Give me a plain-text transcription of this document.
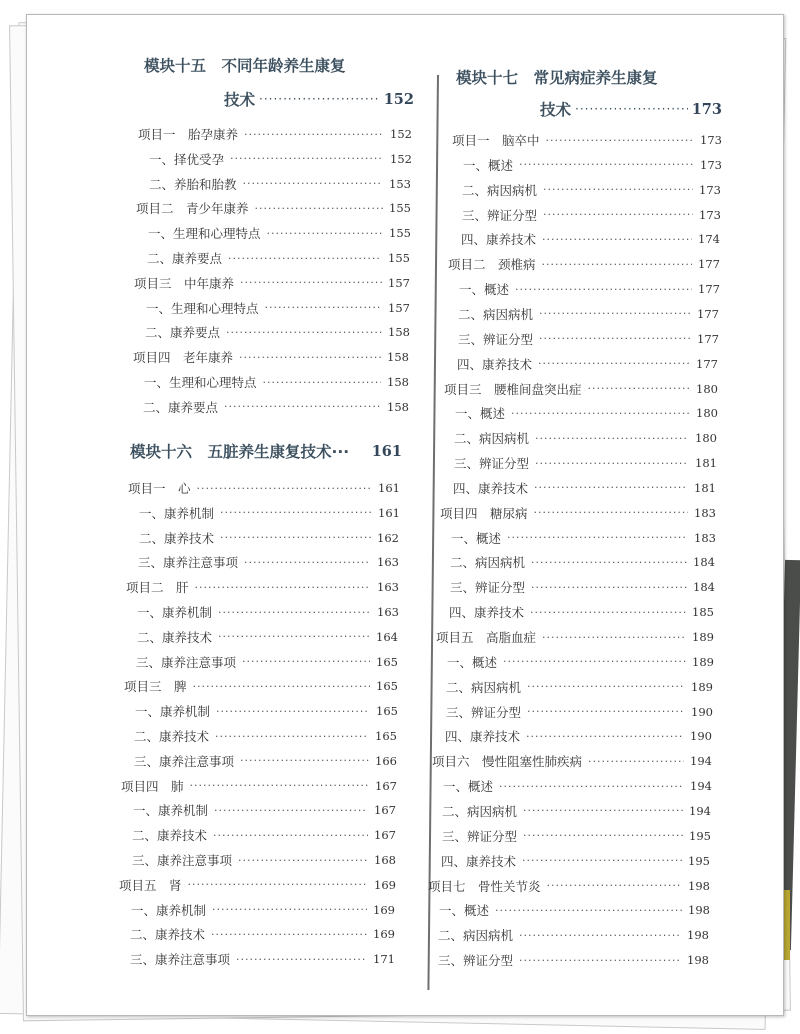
模块十五　不同年龄养生康复
技术 ·····	152
项目一　胎孕康养 ·····	152
一、择优受孕 ·····	152
二、养胎和胎教 ·····	153
项目二　青少年康养 ·····	155
一、生理和心理特点 ·····	155
二、康养要点 ·····	155
项目三　中年康养 ·····	157
一、生理和心理特点 ·····	157
二、康养要点 ·····	158
项目四　老年康养 ·····	158
一、生理和心理特点 ·····	158
二、康养要点 ·····	158
模块十六　五脏养生康复技术··· 161
项目一　心 ·····	161
一、康养机制 ·····	161
二、康养技术 ·····	162
三、康养注意事项 ·····	163
项目二　肝 ·····	163
一、康养机制 ·····	163
二、康养技术 ·····	164
三、康养注意事项 ·····	165
项目三　脾 ·····	165
一、康养机制 ·····	165
二、康养技术 ·····	165
三、康养注意事项 ·····	166
项目四　肺 ·····	167
一、康养机制 ·····	167
二、康养技术 ·····	167
三、康养注意事项 ·····	168
项目五　肾 ·····	169
一、康养机制 ·····	169
二、康养技术 ·····	169
三、康养注意事项 ·····	171
模块十七　常见病症养生康复
技术 ·····	173
项目一　脑卒中 ·····	173
一、概述 ·····	173
二、病因病机 ·····	173
三、辨证分型 ·····	173
四、康养技术 ·····	174
项目二　颈椎病 ·····	177
一、概述 ·····	177
二、病因病机 ·····	177
三、辨证分型 ·····	177
四、康养技术 ·····	177
项目三　腰椎间盘突出症 ·····	180
一、概述 ·····	180
二、病因病机 ·····	180
三、辨证分型 ·····	181
四、康养技术 ·····	181
项目四　糖尿病 ·····	183
一、概述 ·····	183
二、病因病机 ·····	184
三、辨证分型 ·····	184
四、康养技术 ·····	185
项目五　高脂血症 ·····	189
一、概述 ·····	189
二、病因病机 ·····	189
三、辨证分型 ·····	190
四、康养技术 ·····	190
项目六　慢性阻塞性肺疾病 ·····	194
一、概述 ·····	194
二、病因病机 ·····	194
三、辨证分型 ·····	195
四、康养技术 ·····	195
项目七　骨性关节炎 ·····	198
一、概述 ·····	198
二、病因病机 ·····	198
三、辨证分型 ·····	198
